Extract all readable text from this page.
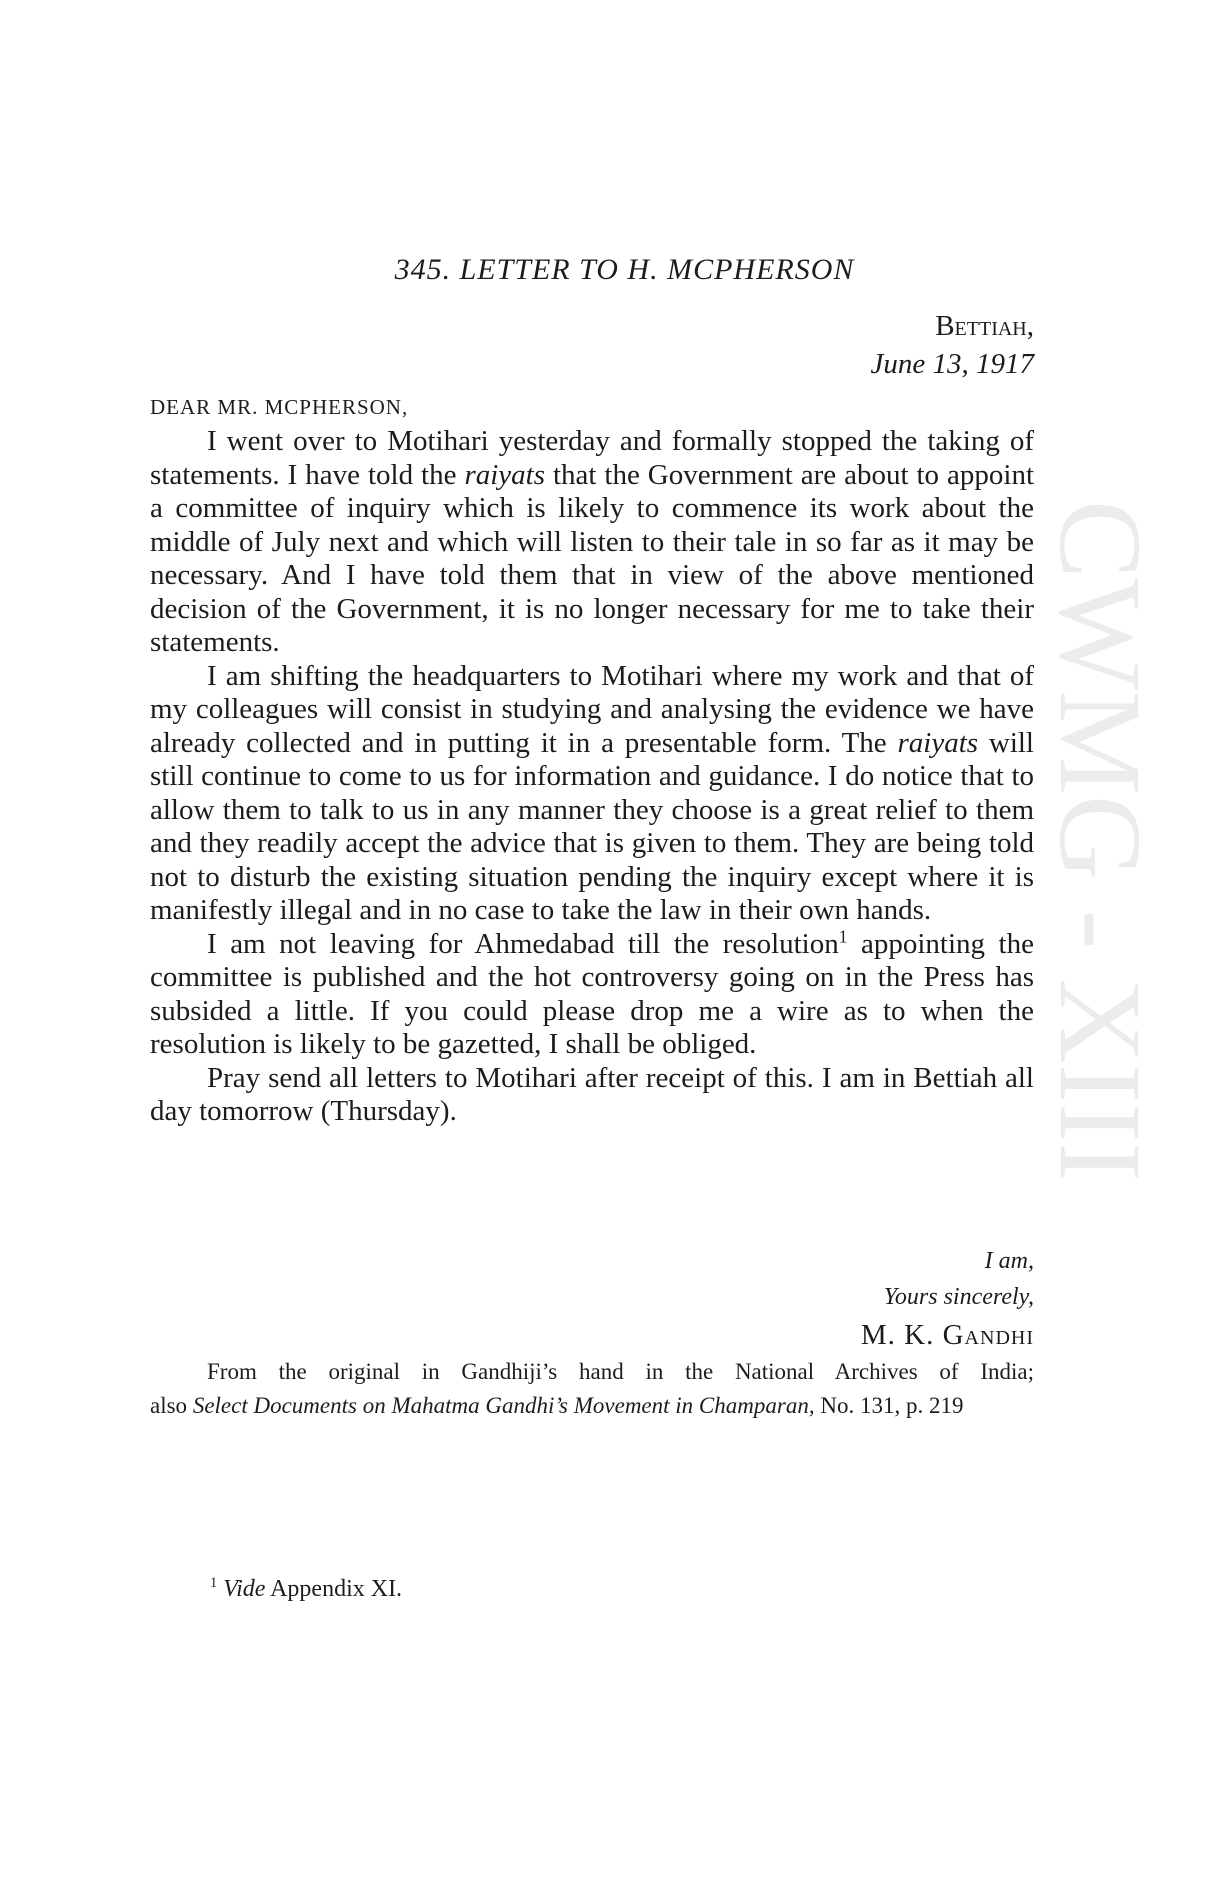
CWMG - XIII
345. LETTER TO H. MCPHERSON
Bettiah,
June 13, 1917
DEAR MR. MCPHERSON,

I went over to Motihari yesterday and formally stopped the taking of statements. I have told the raiyats that the Government are about to appoint a committee of inquiry which is likely to commence its work about the middle of July next and which will listen to their tale in so far as it may be necessary. And I have told them that in view of the above mentioned decision of the Government, it is no longer necessary for me to take their statements.

I am shifting the headquarters to Motihari where my work and that of my colleagues will consist in studying and analysing the evidence we have already collected and in putting it in a presentable form. The raiyats will still continue to come to us for information and guidance. I do notice that to allow them to talk to us in any manner they choose is a great relief to them and they readily accept the advice that is given to them. They are being told not to disturb the existing situation pending the inquiry except where it is manifestly illegal and in no case to take the law in their own hands.

I am not leaving for Ahmedabad till the resolution$^1$ appointing the committee is published and the hot controversy going on in the Press has subsided a little. If you could please drop me a wire as to when the resolution is likely to be gazetted, I shall be obliged.

Pray send all letters to Motihari after receipt of this. I am in Bettiah all day tomorrow (Thursday).

I am,
Yours sincerely,
M. K. Gandhi
From the original in Gandhiji’s hand in the National Archives of India;
also Select Documents on Mahatma Gandhi’s Movement in Champaran, No. 131, p. 219
$^1$ Vide Appendix XI.
